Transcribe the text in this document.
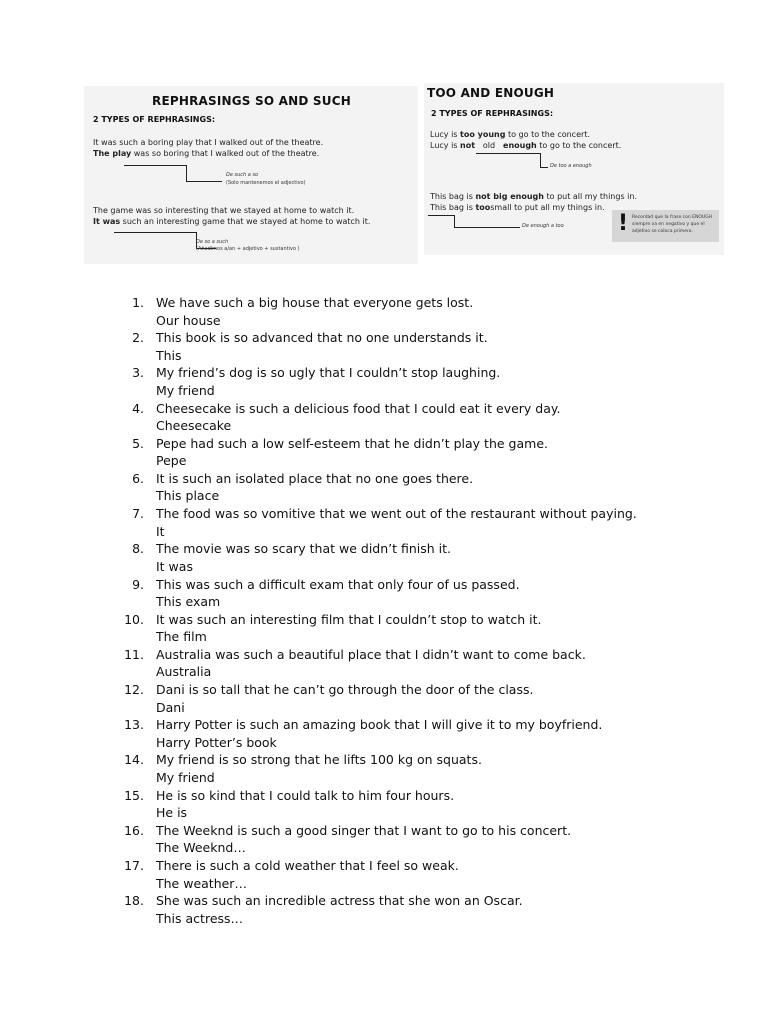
REPHRASINGS SO AND SUCH
2 TYPES OF REPHRASINGS:
It was such a boring play that I walked out of the theatre.
The play was so boring that I walked out of the theatre.
De such a so
(Solo mantenemos el adjectivo)
The game was so interesting that we stayed at home to watch it.
It was such an interesting game that we stayed at home to watch it.
De so a such
(Añadimos a/an + adjetivo + sustantivo )
TOO AND ENOUGH
2 TYPES OF REPHRASINGS:
Lucy is too young to go to the concert.
Lucy is not old enough to go to the concert.
De too a enough
This bag is not big enough to put all my things in.
This bag is toosmall to put all my things in.
De enough a too ! Recordad que la frase con ENOUGH
siempre va en negativo y que el
adjetivo se coloca primero.
1. We have such a big house that everyone gets lost.
Our house
2. This book is so advanced that no one understands it.
This
3. My friend’s dog is so ugly that I couldn’t stop laughing.
My friend
4. Cheesecake is such a delicious food that I could eat it every day.
Cheesecake
5. Pepe had such a low self-esteem that he didn’t play the game.
Pepe
6. It is such an isolated place that no one goes there.
This place
7. The food was so vomitive that we went out of the restaurant without paying.
It
8. The movie was so scary that we didn’t finish it.
It was
9. This was such a difficult exam that only four of us passed.
This exam
10. It was such an interesting film that I couldn’t stop to watch it.
The film
11. Australia was such a beautiful place that I didn’t want to come back.
Australia
12. Dani is so tall that he can’t go through the door of the class.
Dani
13. Harry Potter is such an amazing book that I will give it to my boyfriend.
Harry Potter’s book
14. My friend is so strong that he lifts 100 kg on squats.
My friend
15. He is so kind that I could talk to him four hours.
He is
16. The Weeknd is such a good singer that I want to go to his concert.
The Weeknd…
17. There is such a cold weather that I feel so weak.
The weather…
18. She was such an incredible actress that she won an Oscar.
This actress…
